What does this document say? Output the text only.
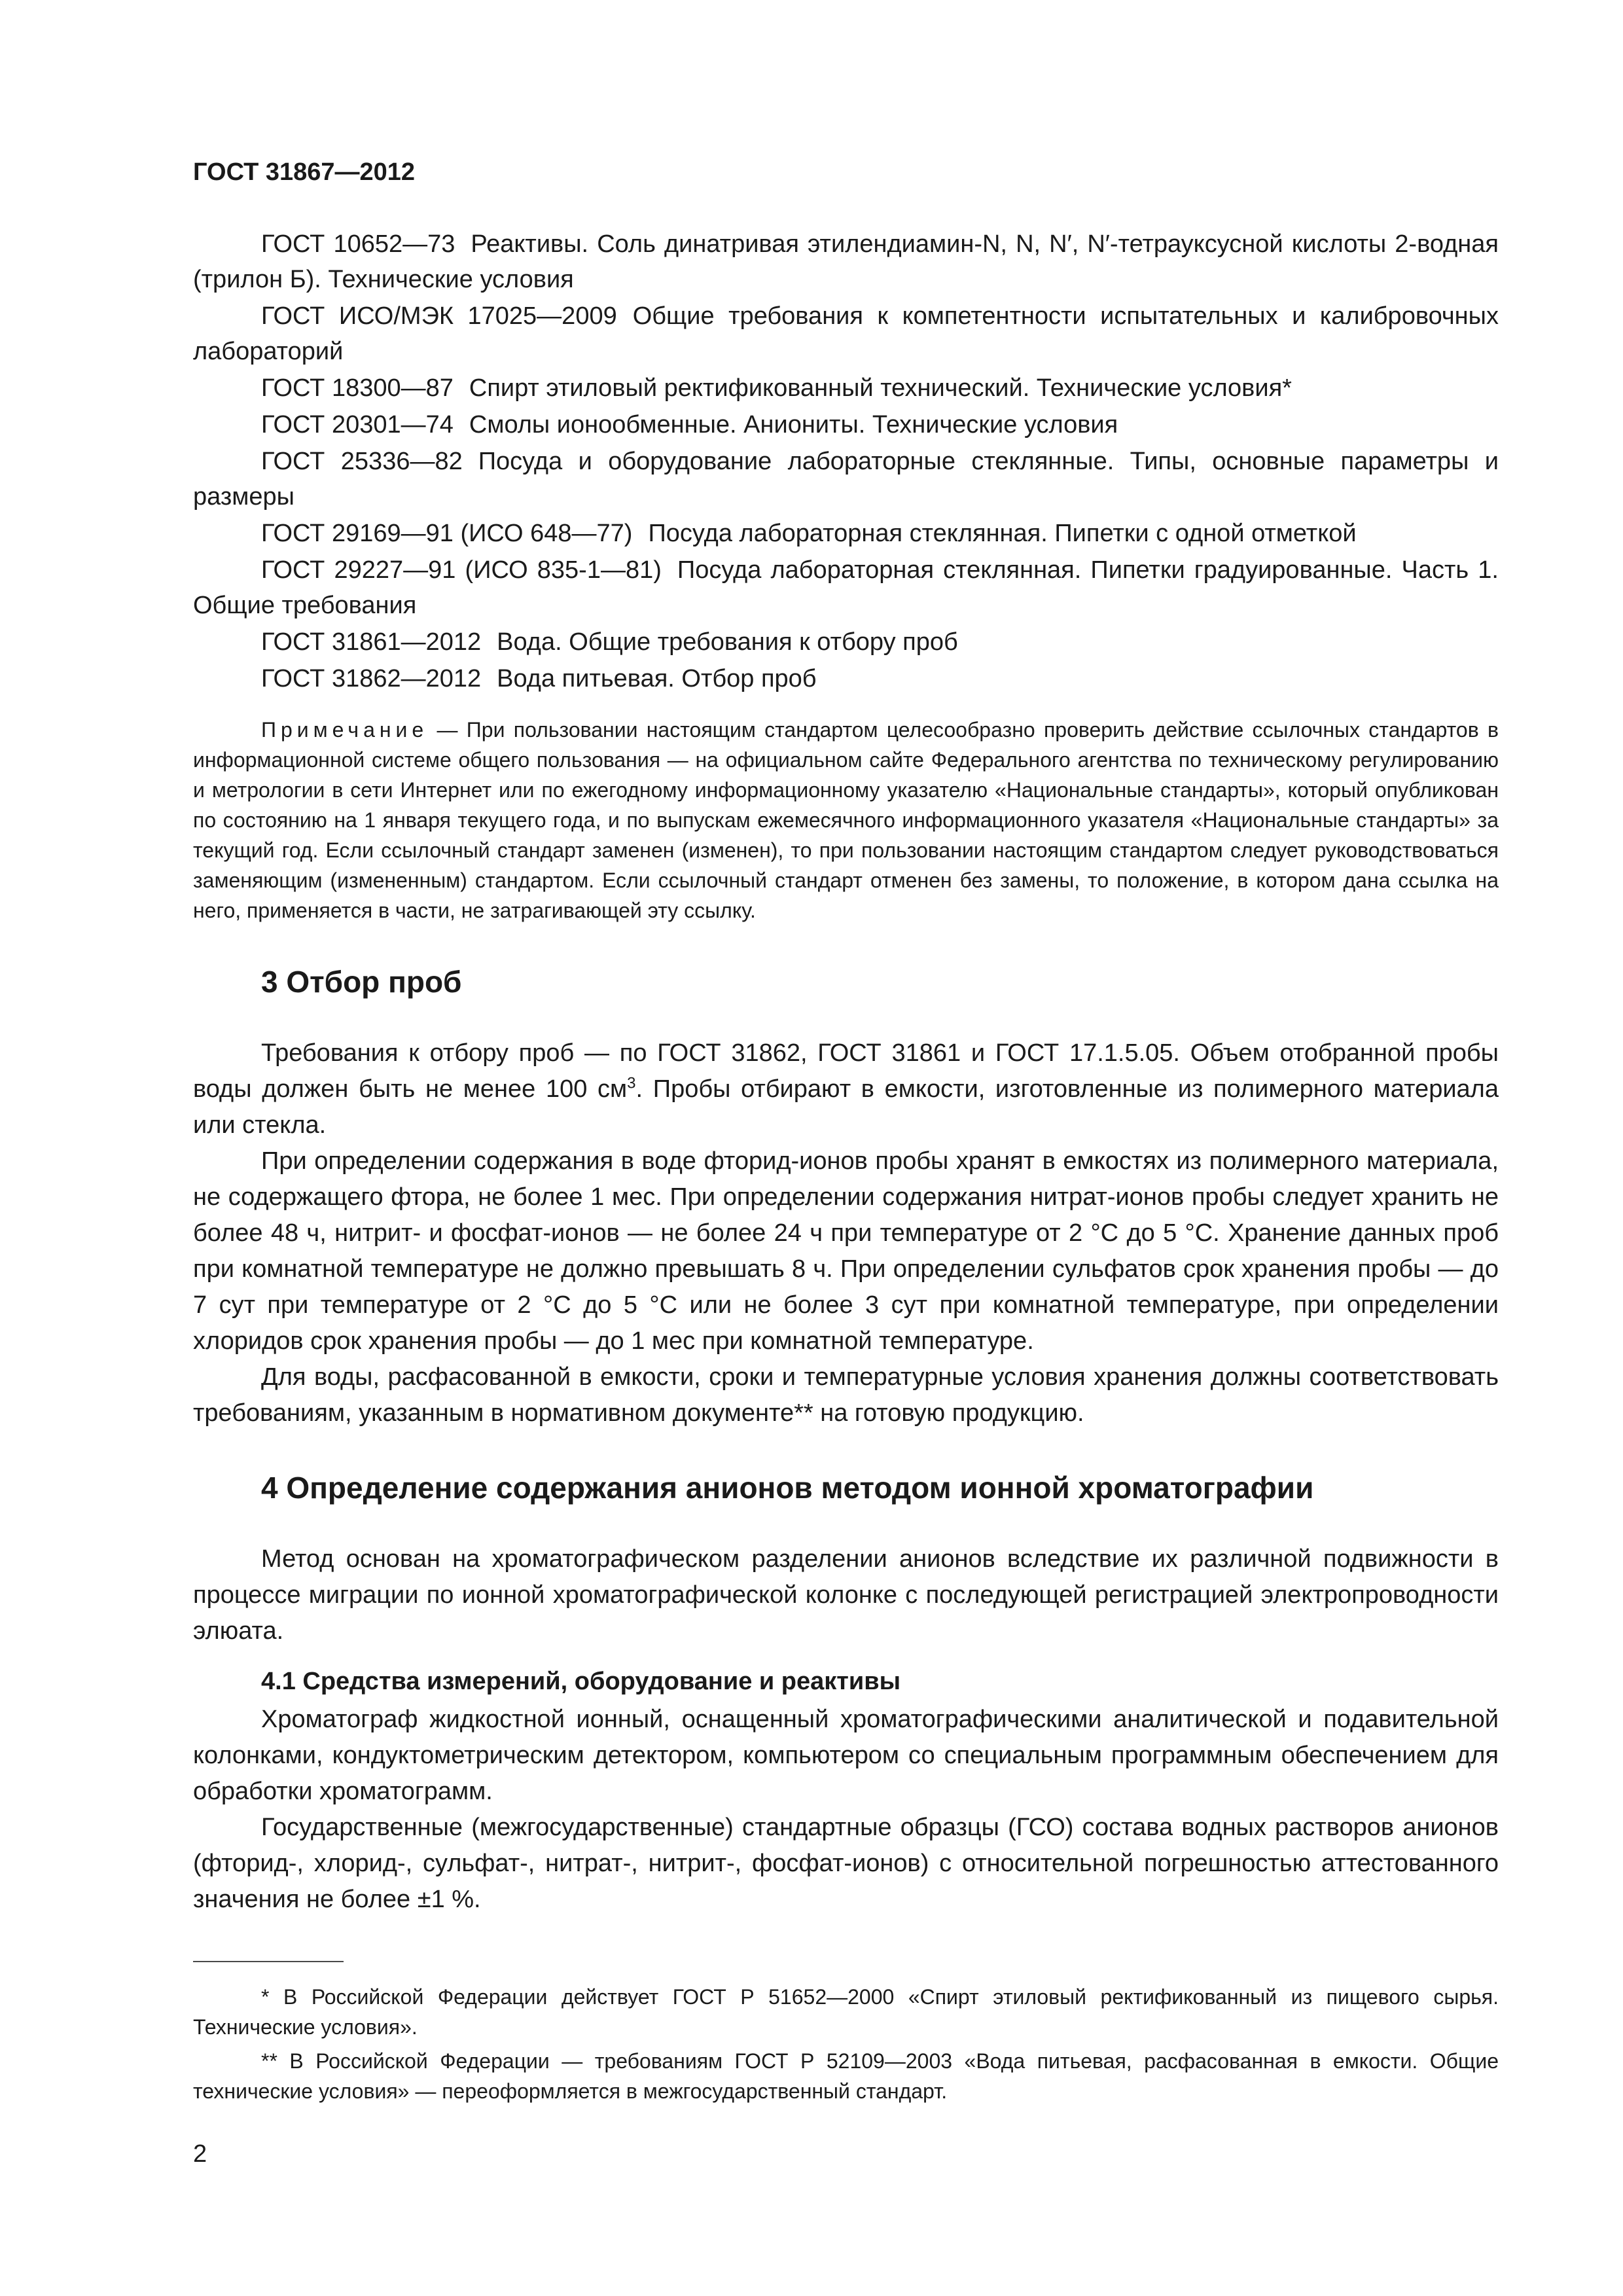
ГОСТ 31867—2012

ГОСТ 10652—73 Реактивы. Соль динатривая этилендиамин-N, N, N′, N′-тетрауксусной кислоты 2-водная (трилон Б). Технические условия

ГОСТ ИСО/МЭК 17025—2009 Общие требования к компетентности испытательных и калибровочных лабораторий

ГОСТ 18300—87 Спирт этиловый ректификованный технический. Технические условия*

ГОСТ 20301—74 Смолы ионообменные. Аниониты. Технические условия

ГОСТ 25336—82 Посуда и оборудование лабораторные стеклянные. Типы, основные параметры и размеры

ГОСТ 29169—91 (ИСО 648—77) Посуда лабораторная стеклянная. Пипетки с одной отметкой

ГОСТ 29227—91 (ИСО 835-1—81) Посуда лабораторная стеклянная. Пипетки градуированные. Часть 1. Общие требования

ГОСТ 31861—2012 Вода. Общие требования к отбору проб

ГОСТ 31862—2012 Вода питьевая. Отбор проб

Примечание — При пользовании настоящим стандартом целесообразно проверить действие ссылочных стандартов в информационной системе общего пользования — на официальном сайте Федерального агентства по техническому регулированию и метрологии в сети Интернет или по ежегодному информационному указателю «Национальные стандарты», который опубликован по состоянию на 1 января текущего года, и по выпускам ежемесячного информационного указателя «Национальные стандарты» за текущий год. Если ссылочный стандарт заменен (изменен), то при пользовании настоящим стандартом следует руководствоваться заменяющим (измененным) стандартом. Если ссылочный стандарт отменен без замены, то положение, в котором дана ссылка на него, применяется в части, не затрагивающей эту ссылку.

3 Отбор проб

Требования к отбору проб — по ГОСТ 31862, ГОСТ 31861 и ГОСТ 17.1.5.05. Объем отобранной пробы воды должен быть не менее 100 $см^3$. Пробы отбирают в емкости, изготовленные из полимерного материала или стекла.

При определении содержания в воде фторид-ионов пробы хранят в емкостях из полимерного материала, не содержащего фтора, не более 1 мес. При определении содержания нитрат-ионов пробы следует хранить не более 48 ч, нитрит- и фосфат-ионов — не более 24 ч при температуре от 2 °С до 5 °С. Хранение данных проб при комнатной температуре не должно превышать 8 ч. При определении сульфатов срок хранения пробы — до 7 сут при температуре от 2 °С до 5 °С или не более 3 сут при комнатной температуре, при определении хлоридов срок хранения пробы — до 1 мес при комнатной температуре.

Для воды, расфасованной в емкости, сроки и температурные условия хранения должны соответствовать требованиям, указанным в нормативном документе** на готовую продукцию.

4 Определение содержания анионов методом ионной хроматографии

Метод основан на хроматографическом разделении анионов вследствие их различной подвижности в процессе миграции по ионной хроматографической колонке с последующей регистрацией электропроводности элюата.

4.1 Средства измерений, оборудование и реактивы

Хроматограф жидкостной ионный, оснащенный хроматографическими аналитической и подавительной колонками, кондуктометрическим детектором, компьютером со специальным программным обеспечением для обработки хроматограмм.

Государственные (межгосударственные) стандартные образцы (ГСО) состава водных растворов анионов (фторид-, хлорид-, сульфат-, нитрат-, нитрит-, фосфат-ионов) с относительной погрешностью аттестованного значения не более ±1 %.

* В Российской Федерации действует ГОСТ Р 51652—2000 «Спирт этиловый ректификованный из пищевого сырья. Технические условия».

** В Российской Федерации — требованиям ГОСТ Р 52109—2003 «Вода питьевая, расфасованная в емкости. Общие технические условия» — переоформляется в межгосударственный стандарт.

2
